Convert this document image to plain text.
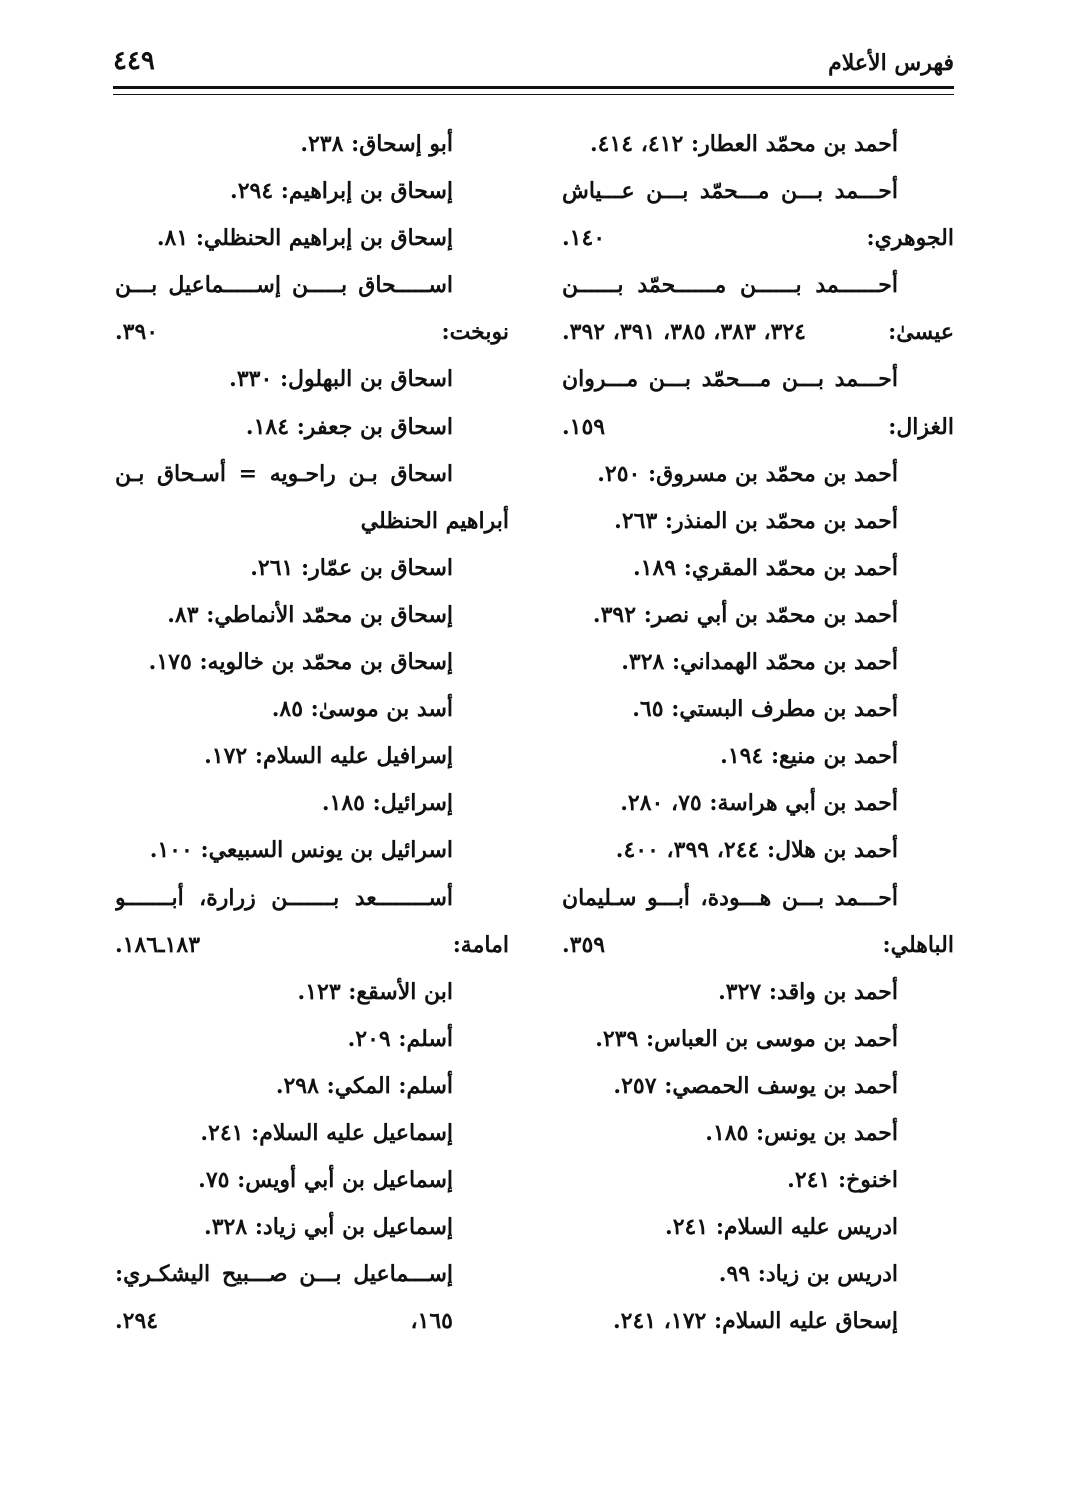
فهرس الأعلام
٤٤٩
أحمد بن محمّد العطار: ٤١٢، ٤١٤.
أحـــمد بـــن مـــحمّد بـــن عـــياش
الجوهري:
١٤٠.
أحــــــمد بــــــن مــــــحمّد بــــــن
عيسىٰ:
٣٢٤، ٣٨٣، ٣٨٥، ٣٩١، ٣٩٢.
أحـــمد بـــن مـــحمّد بـــن مـــروان
الغزال:
١٥٩.
أحمد بن محمّد بن مسروق: ٢٥٠.
أحمد بن محمّد بن المنذر: ٢٦٣.
أحمد بن محمّد المقري: ١٨٩.
أحمد بن محمّد بن أبي نصر: ٣٩٢.
أحمد بن محمّد الهمداني: ٣٢٨.
أحمد بن مطرف البستي: ٦٥.
أحمد بن منيع: ١٩٤.
أحمد بن أبي هراسة: ٧٥، ٢٨٠.
أحمد بن هلال: ٢٤٤، ٣٩٩، ٤٠٠.
أحـــمد بـــن هـــودة، أبـــو سـليمان
الباهلي:
٣٥٩.
أحمد بن واقد: ٣٢٧.
أحمد بن موسى بن العباس: ٢٣٩.
أحمد بن يوسف الحمصي: ٢٥٧.
أحمد بن يونس: ١٨٥.
اخنوخ: ٢٤١.
ادريس عليه السلام: ٢٤١.
ادريس بن زياد: ٩٩.
إسحاق عليه السلام: ١٧٢، ٢٤١.
أبو إسحاق: ٢٣٨.
إسحاق بن إبراهيم: ٢٩٤.
إسحاق بن إبراهيم الحنظلي: ٨١.
اســـــحاق بـــــن إســـــماعيل بـــن
نوبخت:
٣٩٠.
اسحاق بن البهلول: ٣٣٠.
اسحاق بن جعفر: ١٨٤.
اسحاق بـن راحـويه = أسـحاق بـن
أبراهيم الحنظلي
اسحاق بن عمّار: ٢٦١.
إسحاق بن محمّد الأنماطي: ٨٣.
إسحاق بن محمّد بن خالويه: ١٧٥.
أسد بن موسىٰ: ٨٥.
إسرافيل عليه السلام: ١٧٢.
إسرائيل: ١٨٥.
اسرائيل بن يونس السبيعي: ١٠٠.
أســــــــعد بـــــــن زرارة، أبـــــــو
امامة:
١٨٣ـ١٨٦.
ابن الأسقع: ١٢٣.
أسلم: ٢٠٩.
أسلم: المكي: ٢٩٨.
إسماعيل عليه السلام: ٢٤١.
إسماعيل بن أبي أويس: ٧٥.
إسماعيل بن أبي زياد: ٣٢٨.
إســـماعيل بـــن صـــبيح اليشكـري:
١٦٥،
٢٩٤.
